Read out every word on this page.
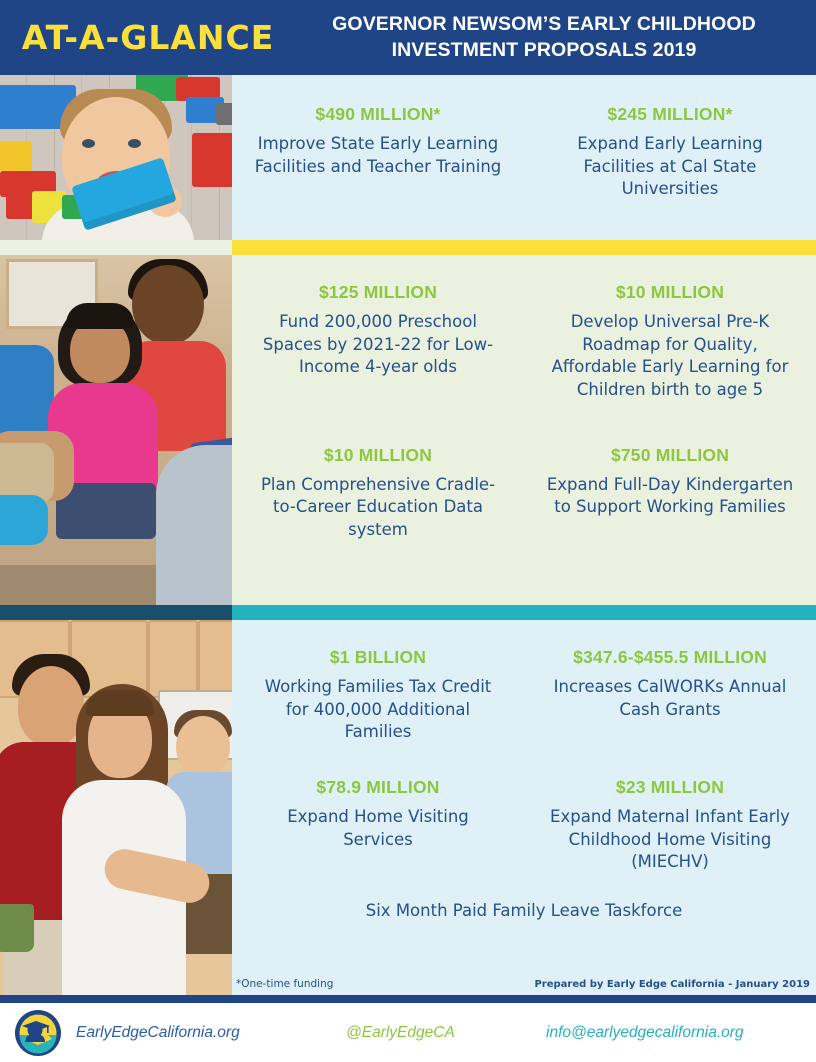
AT-A-GLANCE	GOVERNOR NEWSOM’S EARLY CHILDHOOD INVESTMENT PROPOSALS 2019
$490 MILLION*
Improve State Early Learning Facilities and Teacher Training
$245 MILLION*
Expand Early Learning Facilities at Cal State Universities
$125 MILLION
Fund 200,000 Preschool Spaces by 2021-22 for Low-Income 4-year olds
$10 MILLION
Develop Universal Pre-K Roadmap for Quality, Affordable Early Learning for Children birth to age 5
$10 MILLION
Plan Comprehensive Cradle-to-Career Education Data system
$750 MILLION
Expand Full-Day Kindergarten to Support Working Families
$1 BILLION
Working Families Tax Credit for 400,000 Additional Families
$347.6-$455.5 MILLION
Increases CalWORKs Annual Cash Grants
$78.9 MILLION
Expand Home Visiting Services
$23 MILLION
Expand Maternal Infant Early Childhood Home Visiting (MIECHV)
Six Month Paid Family Leave Taskforce
*One-time funding	Prepared by Early Edge California - January 2019
EarlyEdgeCalifornia.org	@EarlyEdgeCA	info@earlyedgecalifornia.org
